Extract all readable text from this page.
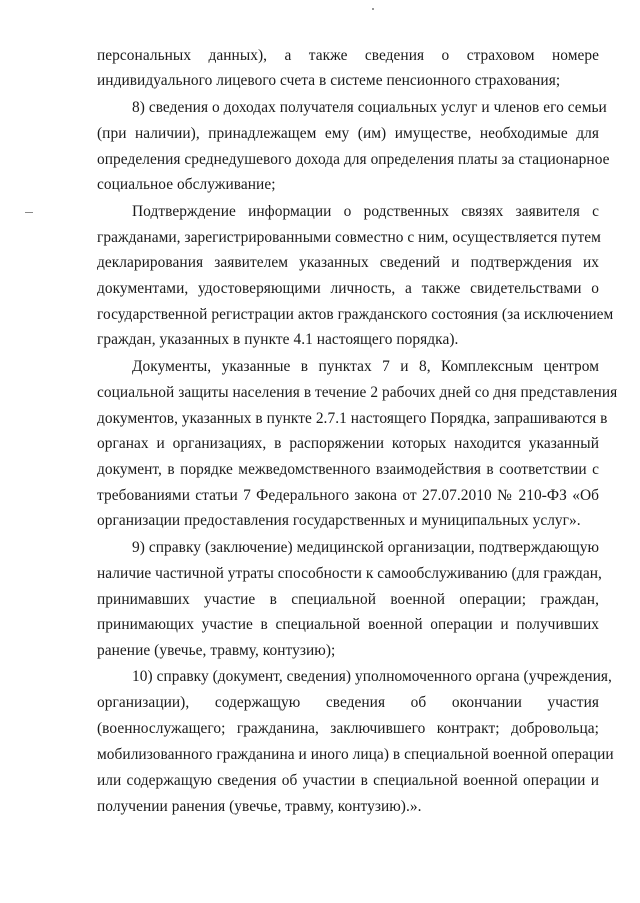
персональных данных), а также сведения о страховом номере
индивидуального лицевого счета в системе пенсионного страхования;
8) сведения о доходах получателя социальных услуг и членов его семьи
(при наличии), принадлежащем ему (им) имуществе, необходимые для
определения среднедушевого дохода для определения платы за стационарное
социальное обслуживание;
Подтверждение информации о родственных связях заявителя с
гражданами, зарегистрированными совместно с ним, осуществляется путем
декларирования заявителем указанных сведений и подтверждения их
документами, удостоверяющими личность, а также свидетельствами о
государственной регистрации актов гражданского состояния (за исключением
граждан, указанных в пункте 4.1 настоящего порядка).
Документы, указанные в пунктах 7 и 8, Комплексным центром
социальной защиты населения в течение 2 рабочих дней со дня представления
документов, указанных в пункте 2.7.1 настоящего Порядка, запрашиваются в
органах и организациях, в распоряжении которых находится указанный
документ, в порядке межведомственного взаимодействия в соответствии с
требованиями статьи 7 Федерального закона от 27.07.2010 № 210-ФЗ «Об
организации предоставления государственных и муниципальных услуг».
9) справку (заключение) медицинской организации, подтверждающую
наличие частичной утраты способности к самообслуживанию (для граждан,
принимавших участие в специальной военной операции; граждан,
принимающих участие в специальной военной операции и получивших
ранение (увечье, травму, контузию);
10) справку (документ, сведения) уполномоченного органа (учреждения,
организации), содержащую сведения об окончании участия
(военнослужащего; гражданина, заключившего контракт; добровольца;
мобилизованного гражданина и иного лица) в специальной военной операции
или содержащую сведения об участии в специальной военной операции и
получении ранения (увечье, травму, контузию).».
